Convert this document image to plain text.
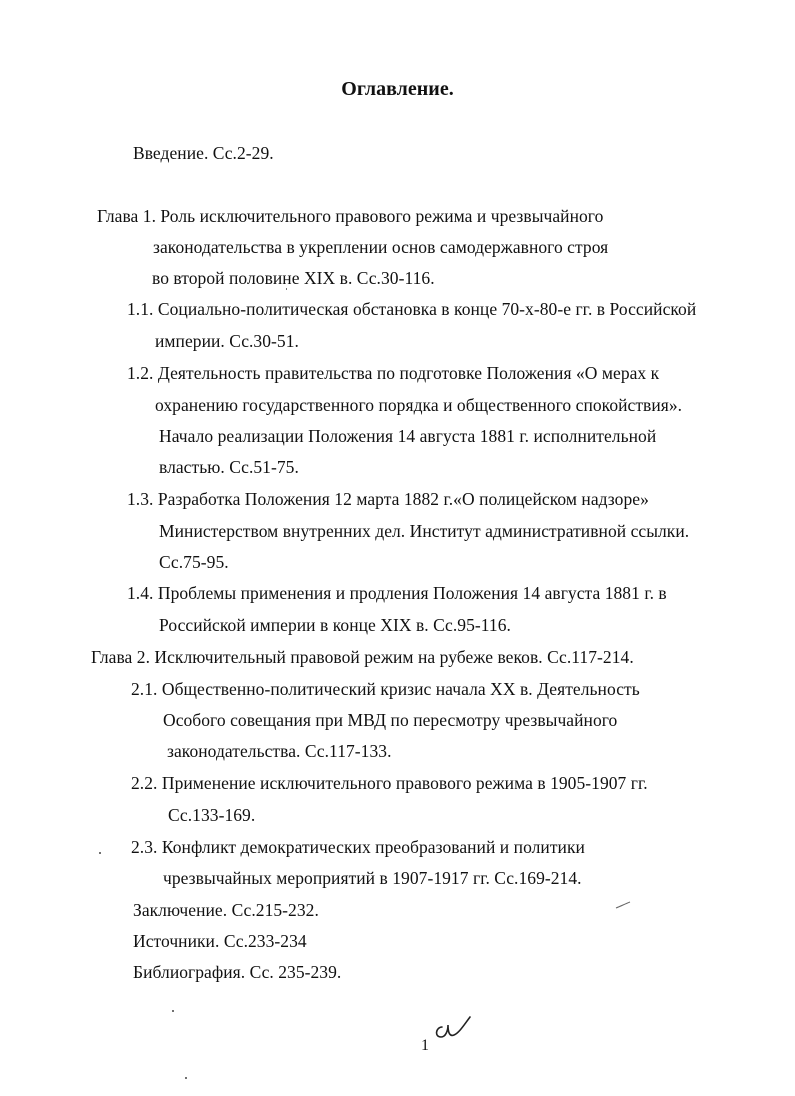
Оглавление.
Введение. Сс.2-29.
Глава 1. Роль исключительного правового режима и чрезвычайного
законодательства в укреплении основ самодержавного строя
во второй половине XIX в. Сс.30-116.
1.1. Социально-политическая обстановка в конце 70-х-80-е гг. в Российской
империи. Сс.30-51.
1.2. Деятельность правительства по подготовке Положения «О мерах к
охранению государственного порядка и общественного спокойствия».
Начало реализации Положения 14 августа 1881 г. исполнительной
властью. Сс.51-75.
1.3. Разработка Положения 12 марта 1882 г.«О полицейском надзоре»
Министерством внутренних дел. Институт административной ссылки.
Сс.75-95.
1.4. Проблемы применения и продления Положения 14 августа 1881 г. в
Российской империи в конце XIX в. Сс.95-116.
Глава 2. Исключительный правовой режим на рубеже веков. Сс.117-214.
2.1. Общественно-политический кризис начала XX в. Деятельность
Особого совещания при МВД по пересмотру чрезвычайного
законодательства. Сс.117-133.
2.2. Применение исключительного правового режима в 1905-1907 гг.
Сс.133-169.
2.3. Конфликт демократических преобразований и политики
чрезвычайных мероприятий в 1907-1917 гг. Сс.169-214.
Заключение. Сс.215-232.
Источники. Сс.233-234
Библиография. Сс. 235-239.
1
